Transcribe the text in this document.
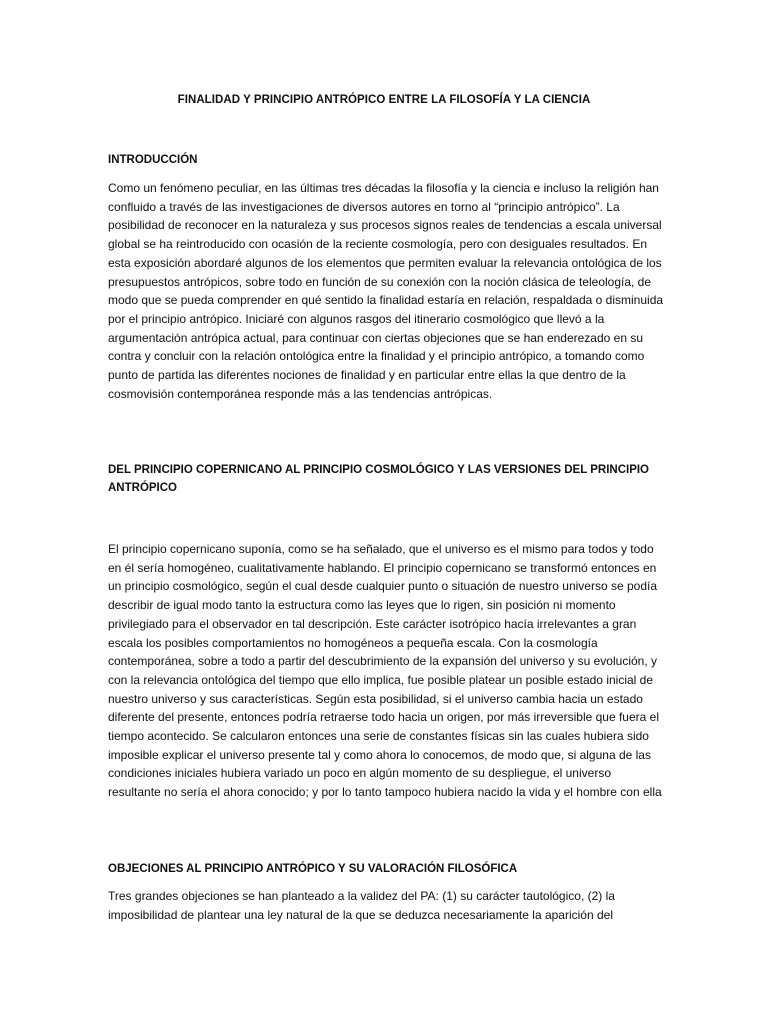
FINALIDAD Y PRINCIPIO ANTRÓPICO ENTRE LA FILOSOFÍA Y LA CIENCIA
INTRODUCCIÓN

Como un fenómeno peculiar, en las últimas tres décadas la filosofía y la ciencia e incluso la religión han confluido a través de las investigaciones de diversos autores en torno al “principio antrópico”. La posibilidad de reconocer en la naturaleza y sus procesos signos reales de tendencias a escala universal global se ha reintroducido con ocasión de la reciente cosmología, pero con desiguales resultados. En esta exposición abordaré algunos de los elementos que permiten evaluar la relevancia ontológica de los presupuestos antrópicos, sobre todo en función de su conexión con la noción clásica de teleología, de modo que se pueda comprender en qué sentido la finalidad estaría en relación, respaldada o disminuida por el principio antrópico. Iniciaré con algunos rasgos del itinerario cosmológico que llevó a la argumentación antrópica actual, para continuar con ciertas objeciones que se han enderezado en su contra y concluir con la relación ontológica entre la finalidad y el principio antrópico, a tomando como punto de partida las diferentes nociones de finalidad y en particular entre ellas la que dentro de la cosmovisión contemporánea responde más a las tendencias antrópicas.

DEL PRINCIPIO COPERNICANO AL PRINCIPIO COSMOLÓGICO Y LAS VERSIONES DEL PRINCIPIO ANTRÓPICO

El principio copernicano suponía, como se ha señalado, que el universo es el mismo para todos y todo en él sería homogéneo, cualitativamente hablando. El principio copernicano se transformó entonces en un principio cosmológico, según el cual desde cualquier punto o situación de nuestro universo se podía describir de igual modo tanto la estructura como las leyes que lo rigen, sin posición ni momento privilegiado para el observador en tal descripción. Este carácter isotrópico hacía irrelevantes a gran escala los posibles comportamientos no homogéneos a pequeña escala. Con la cosmología contemporánea, sobre a todo a partir del descubrimiento de la expansión del universo y su evolución, y con la relevancia ontológica del tiempo que ello implica, fue posible platear un posible estado inicial de nuestro universo y sus características. Según esta posibilidad, si el universo cambia hacia un estado diferente del presente, entonces podría retraerse todo hacia un origen, por más irreversible que fuera el tiempo acontecido. Se calcularon entonces una serie de constantes físicas sin las cuales hubiera sido imposible explicar el universo presente tal y como ahora lo conocemos, de modo que, si alguna de las condiciones iniciales hubiera variado un poco en algún momento de su despliegue, el universo resultante no sería el ahora conocido; y por lo tanto tampoco hubiera nacido la vida y el hombre con ella

OBJECIONES AL PRINCIPIO ANTRÓPICO Y SU VALORACIÓN FILOSÓFICA

Tres grandes objeciones se han planteado a la validez del PA: (1) su carácter tautológico, (2) la imposibilidad de plantear una ley natural de la que se deduzca necesariamente la aparición del
